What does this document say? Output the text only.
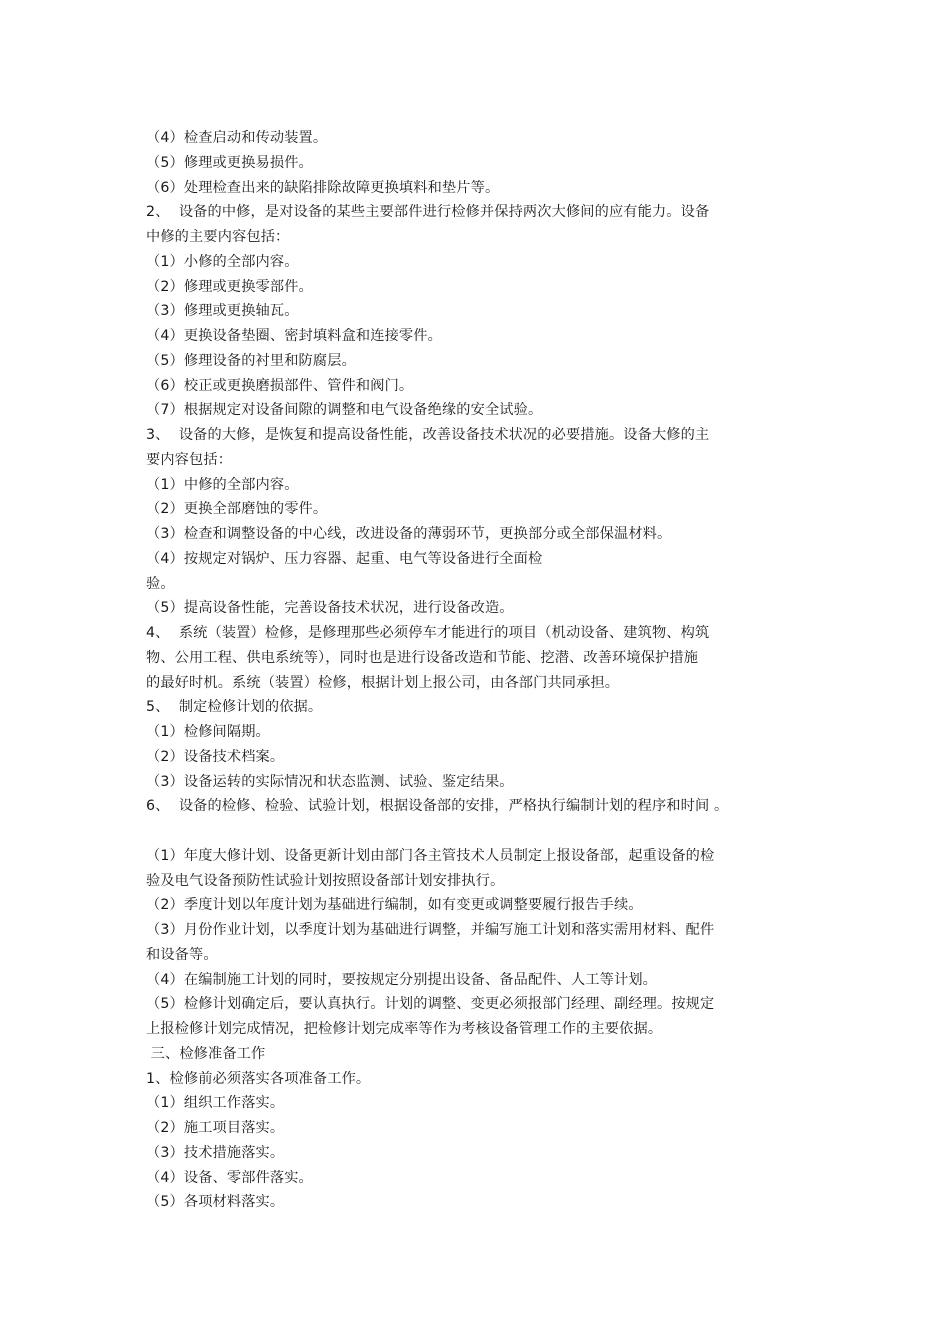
（4）检查启动和传动装置。
（5）修理或更换易损件。
（6）处理检查出来的缺陷排除故障更换填料和垫片等。
2、  设备的中修，是对设备的某些主要部件进行检修并保持两次大修间的应有能力。设备
中修的主要内容包括：
（1）小修的全部内容。
（2）修理或更换零部件。
（3）修理或更换轴瓦。
（4）更换设备垫圈、密封填料盒和连接零件。
（5）修理设备的衬里和防腐层。
（6）校正或更换磨损部件、管件和阀门。
（7）根据规定对设备间隙的调整和电气设备绝缘的安全试验。
3、  设备的大修，是恢复和提高设备性能，改善设备技术状况的必要措施。设备大修的主
要内容包括：
（1）中修的全部内容。
（2）更换全部磨蚀的零件。
（3）检查和调整设备的中心线，改进设备的薄弱环节，更换部分或全部保温材料。
（4）按规定对锅炉、压力容器、起重、电气等设备进行全面检
验。
（5）提高设备性能，完善设备技术状况，进行设备改造。
4、  系统（装置）检修，是修理那些必须停车才能进行的项目（机动设备、建筑物、构筑
物、公用工程、供电系统等），同时也是进行设备改造和节能、挖潜、改善环境保护措施
的最好时机。系统（装置）检修，根据计划上报公司，由各部门共同承担。
5、  制定检修计划的依据。
（1）检修间隔期。
（2）设备技术档案。
（3）设备运转的实际情况和状态监测、试验、鉴定结果。
6、  设备的检修、检验、试验计划，根据设备部的安排，严格执行编制计划的程序和时间 。
（1）年度大修计划、设备更新计划由部门各主管技术人员制定上报设备部，起重设备的检
验及电气设备预防性试验计划按照设备部计划安排执行。
（2）季度计划以年度计划为基础进行编制，如有变更或调整要履行报告手续。
（3）月份作业计划，以季度计划为基础进行调整，并编写施工计划和落实需用材料、配件
和设备等。
（4）在编制施工计划的同时，要按规定分别提出设备、备品配件、人工等计划。
（5）检修计划确定后，要认真执行。计划的调整、变更必须报部门经理、副经理。按规定
上报检修计划完成情况，把检修计划完成率等作为考核设备管理工作的主要依据。
三、检修准备工作
1、检修前必须落实各项准备工作。
（1）组织工作落实。
（2）施工项目落实。
（3）技术措施落实。
（4）设备、零部件落实。
（5）各项材料落实。
